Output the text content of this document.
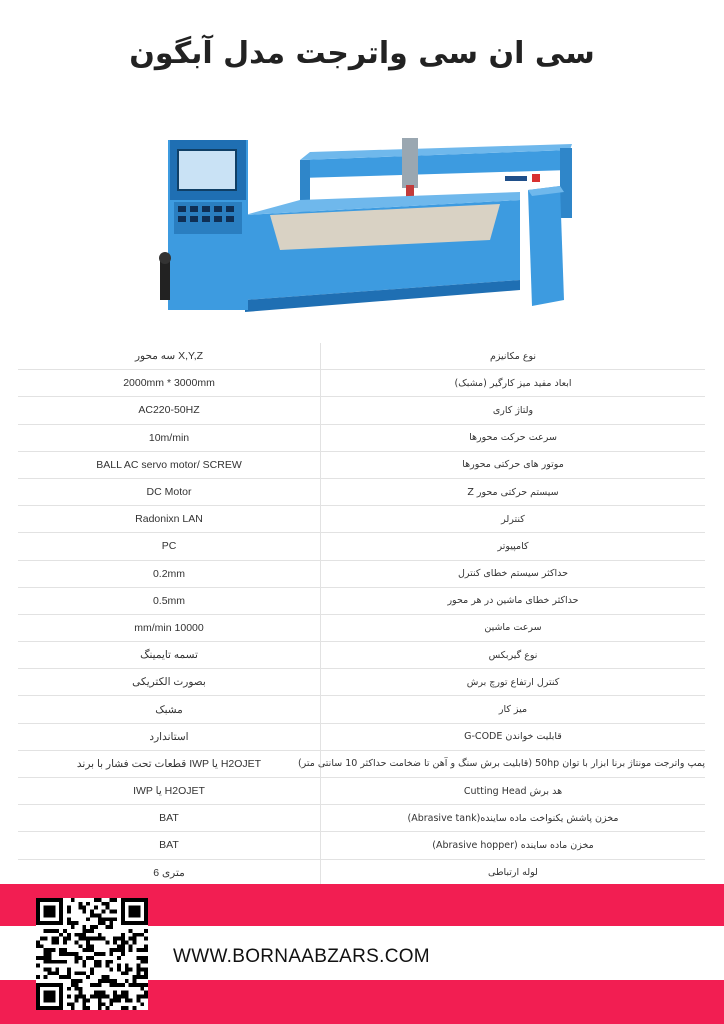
سی ان سی واترجت مدل آبگون
سه محور X,Y,Z	نوع مکانیزم
2000mm * 3000mm	ابعاد مفید میز کارگیر (مشبک)
AC220-50HZ	ولتاژ کاری
10m/min	سرعت حرکت محورها
BALL AC servo motor/ SCREW	موتور های حرکتی محورها
DC Motor	سیستم حرکتی محور Z
Radonixn LAN	کنترلر
PC	کامپیوتر
0.2mm	حداکثر سیستم خطای کنترل
0.5mm	حداکثر خطای ماشین در هر محور
mm/min 10000	سرعت ماشین
تسمه تایمینگ	نوع گیربکس
بصورت الکتریکی	کنترل ارتفاع تورچ برش
مشبک	میز کار
استاندارد	قابلیت خواندن G-CODE
قطعات تحت فشار با برند IWP یا H2OJET	پمپ واترجت مونتاژ برنا ابزار با توان 50hp (قابلیت برش سنگ و آهن تا ضخامت حداکثر 10 سانتی متر)
IWP یا H2OJET	هد برش Cutting Head
BAT	مخزن پاشش یکنواخت ماده ساینده(Abrasive tank)
BAT	مخزن ماده ساینده (Abrasive hopper)
6 متری	لوله ارتباطی
WWW.BORNAABZARS.COM
